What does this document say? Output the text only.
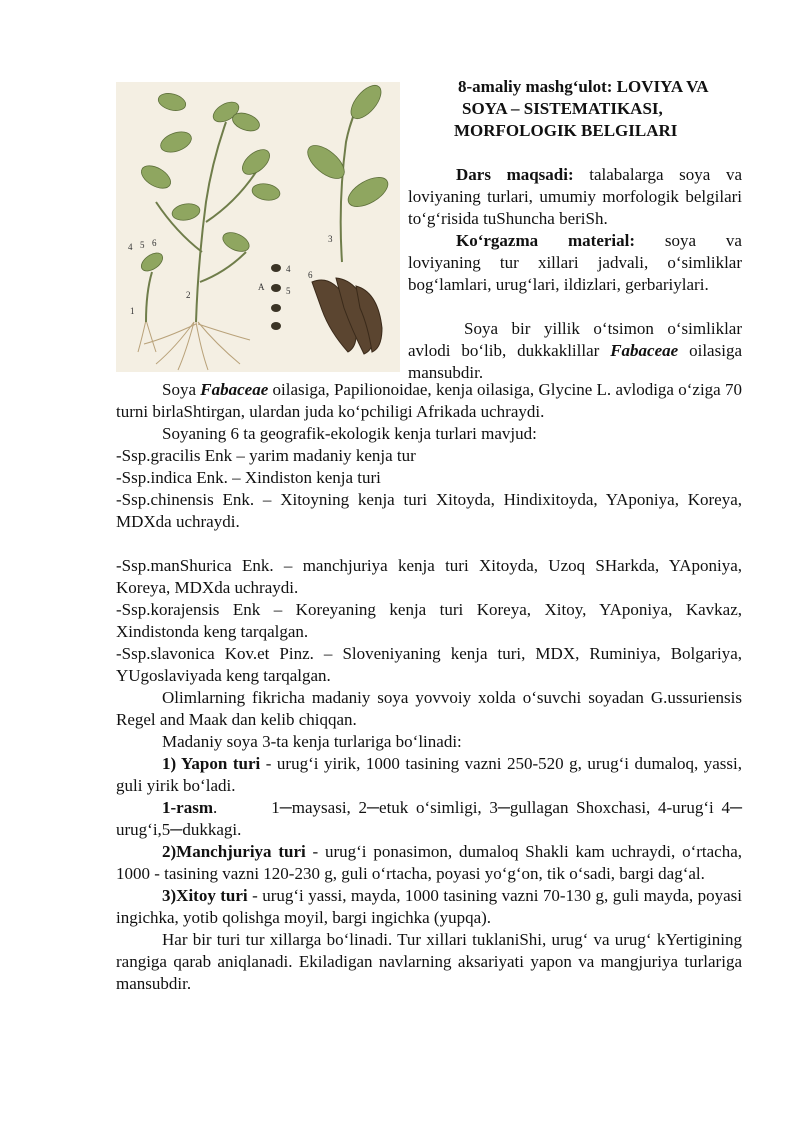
1
2
3
4 5 6
A
4
5
6
8-amaliy mashg‘ulot: LOVIYA VA
SOYA – SISTEMATIKASI,
MORFOLOGIK BELGILARI
Dars maqsadi: talabalarga soya va loviyaning turlari, umumiy morfologik belgilari to‘g‘risida tuShuncha beriSh.
Ko‘rgazma material: soya va loviyaning tur xillari jadvali, o‘simliklar bog‘lamlari, urug‘lari, ildizlari, gerbariylari.
Soya bir yillik o‘tsimon o‘simliklar avlodi bo‘lib, dukkaklillar Fabaceae oilasiga mansubdir.

Soya Fabaceae oilasiga, Papilionoidae, kenja oilasiga, Glycine L. avlodiga o‘ziga 70 turni birlaShtirgan, ulardan juda ko‘pchiligi Afrikada uchraydi.

Soyaning 6 ta geografik-ekologik kenja turlari mavjud:

-Ssp.gracilis Enk – yarim madaniy kenja tur

-Ssp.indica Enk. – Xindiston kenja turi

-Ssp.chinensis Enk. – Xitoyning kenja turi Xitoyda, Hindixitoyda, YAponiya, Koreya, MDXda uchraydi.

-Ssp.manShurica Enk. – manchjuriya kenja turi Xitoyda, Uzoq SHarkda, YAponiya, Koreya, MDXda uchraydi.

-Ssp.korajensis Enk – Koreyaning kenja turi Koreya, Xitoy, YAponiya, Kavkaz, Xindistonda keng tarqalgan.

-Ssp.slavonica Kov.et Pinz. – Sloveniyaning kenja turi, MDX, Ruminiya, Bolgariya, YUgoslaviyada keng tarqalgan.

Olimlarning fikricha madaniy soya yovvoiy xolda o‘suvchi soyadan G.ussuriensis Regel and Maak dan kelib chiqqan.

Madaniy soya 3-ta kenja turlariga bo‘linadi:

1) Yapon turi - urug‘i yirik, 1000 tasining vazni 250-520 g, urug‘i dumaloq, yassi, guli yirik bo‘ladi.

1-rasm.       1─maysasi, 2─etuk o‘simligi, 3─gullagan Shoxchasi, 4-urug‘i 4─ urug‘i,5─dukkagi.

2)Manchjuriya turi - urug‘i ponasimon, dumaloq Shakli kam uchraydi, o‘rtacha, 1000 - tasining vazni 120-230 g, guli o‘rtacha, poyasi yo‘g‘on, tik o‘sadi, bargi dag‘al.

3)Xitoy turi - urug‘i yassi, mayda, 1000 tasining vazni 70-130 g, guli mayda, poyasi ingichka, yotib qolishga moyil, bargi ingichka (yupqa).

Har bir turi tur xillarga bo‘linadi. Tur xillari tuklaniShi, urug‘ va urug‘ kYertigining rangiga qarab aniqlanadi. Ekiladigan navlarning aksariyati yapon va mangjuriya turlariga mansubdir.
